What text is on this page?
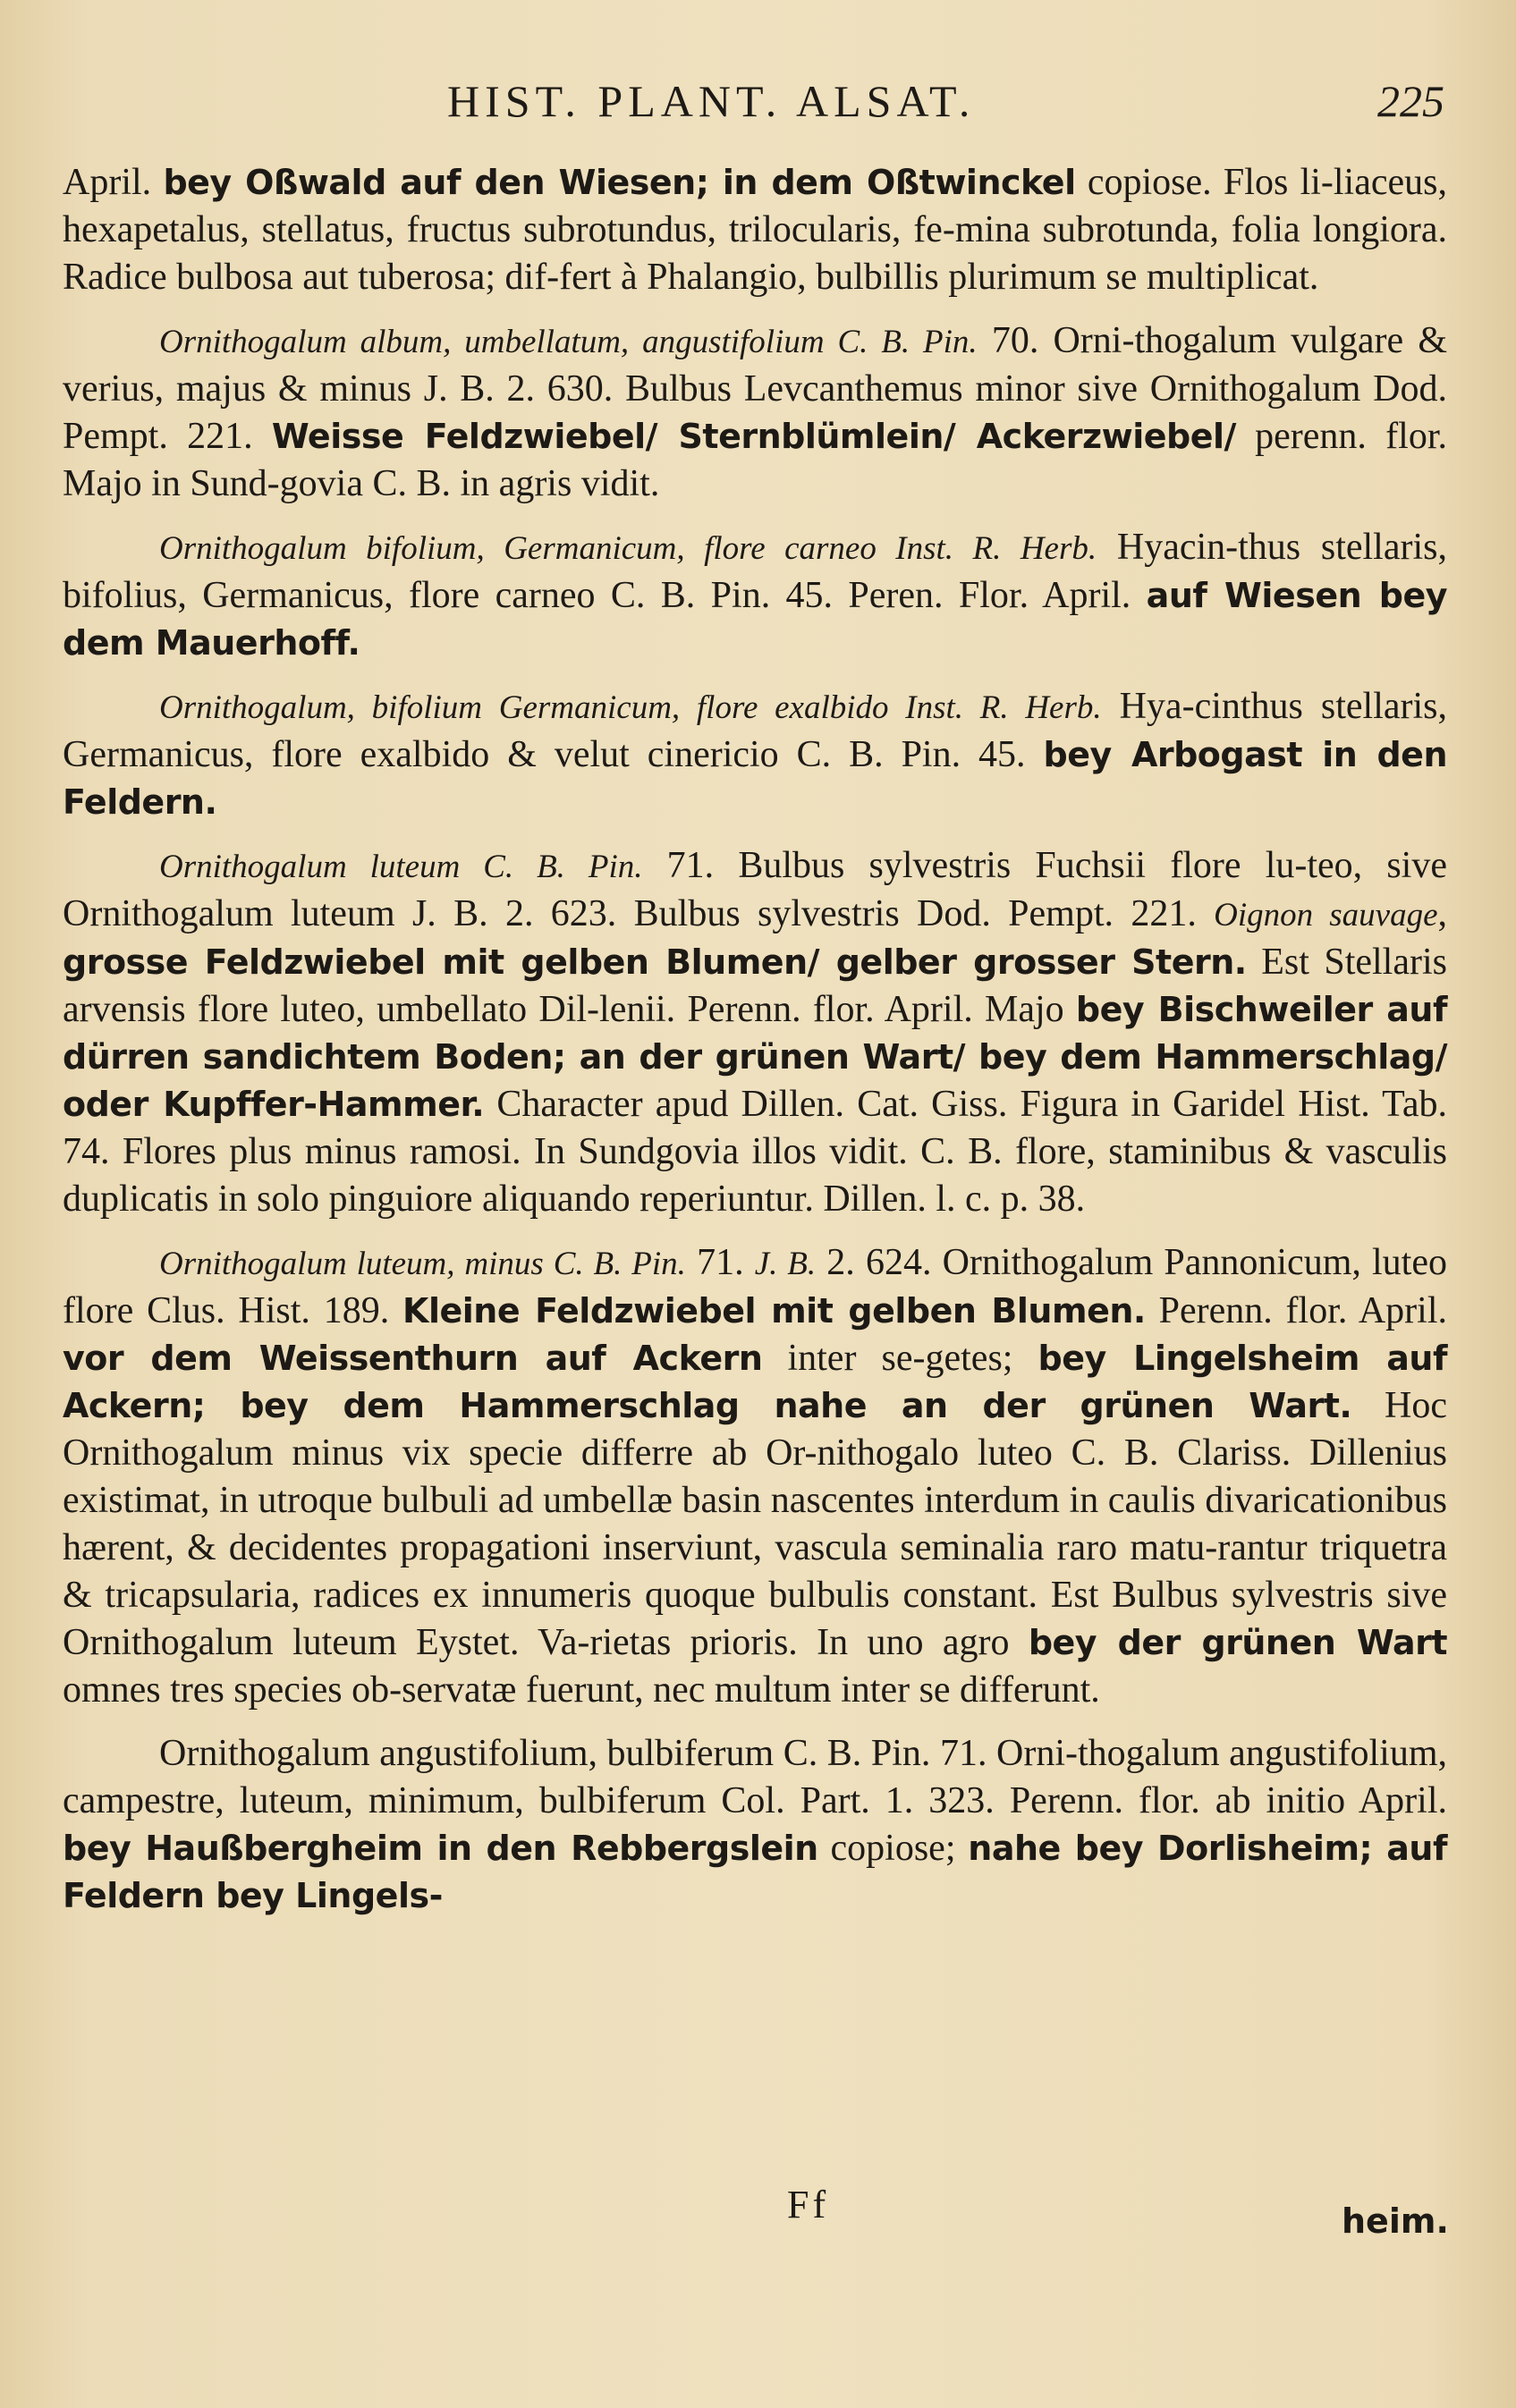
HIST. PLANT. ALSAT.	225

April. bey Oßwald auf den Wiesen; in dem Oßtwinckel copiose. Flos li-liaceus, hexapetalus, stellatus, fructus subrotundus, trilocularis, fe-mina subrotunda, folia longiora. Radice bulbosa aut tuberosa; dif-fert à Phalangio, bulbillis plurimum se multiplicat.

Ornithogalum album, umbellatum, angustifolium C. B. Pin. 70. Orni-thogalum vulgare & verius, majus & minus J. B. 2. 630. Bulbus Levcanthemus minor sive Ornithogalum Dod. Pempt. 221. Weisse Feldzwiebel/ Sternblümlein/ Ackerzwiebel/ perenn. flor. Majo in Sund-govia C. B. in agris vidit.

Ornithogalum bifolium, Germanicum, flore carneo Inst. R. Herb. Hyacin-thus stellaris, bifolius, Germanicus, flore carneo C. B. Pin. 45. Peren. Flor. April. auf Wiesen bey dem Mauerhoff.

Ornithogalum, bifolium Germanicum, flore exalbido Inst. R. Herb. Hya-cinthus stellaris, Germanicus, flore exalbido & velut cinericio C. B. Pin. 45. bey Arbogast in den Feldern.

Ornithogalum luteum C. B. Pin. 71. Bulbus sylvestris Fuchsii flore lu-teo, sive Ornithogalum luteum J. B. 2. 623. Bulbus sylvestris Dod. Pempt. 221. Oignon sauvage, grosse Feldzwiebel mit gelben Blumen/ gelber grosser Stern. Est Stellaris arvensis flore luteo, umbellato Dil-lenii. Perenn. flor. April. Majo bey Bischweiler auf dürren sandichtem Boden; an der grünen Wart/ bey dem Hammerschlag/ oder Kupffer-Hammer. Character apud Dillen. Cat. Giss. Figura in Garidel Hist. Tab. 74. Flores plus minus ramosi. In Sundgovia illos vidit. C. B. flore, staminibus & vasculis duplicatis in solo pinguiore aliquando reperiuntur. Dillen. l. c. p. 38.

Ornithogalum luteum, minus C. B. Pin. 71. J. B. 2. 624. Ornithogalum Pannonicum, luteo flore Clus. Hist. 189. Kleine Feldzwiebel mit gelben Blumen. Perenn. flor. April. vor dem Weissenthurn auf Ackern inter se-getes; bey Lingelsheim auf Ackern; bey dem Hammerschlag nahe an der grünen Wart. Hoc Ornithogalum minus vix specie differre ab Or-nithogalo luteo C. B. Clariss. Dillenius existimat, in utroque bulbuli ad umbellæ basin nascentes interdum in caulis divaricationibus hærent, & decidentes propagationi inserviunt, vascula seminalia raro matu-rantur triquetra & tricapsularia, radices ex innumeris quoque bulbulis constant. Est Bulbus sylvestris sive Ornithogalum luteum Eystet. Va-rietas prioris. In uno agro bey der grünen Wart omnes tres species ob-servatæ fuerunt, nec multum inter se differunt.

Ornithogalum angustifolium, bulbiferum C. B. Pin. 71. Orni-thogalum angustifolium, campestre, luteum, minimum, bulbiferum Col. Part. 1. 323. Perenn. flor. ab initio April. bey Haußbergheim in den Rebbergslein copiose; nahe bey Dorlisheim; auf Feldern bey Lingels-

Ff	heim.
